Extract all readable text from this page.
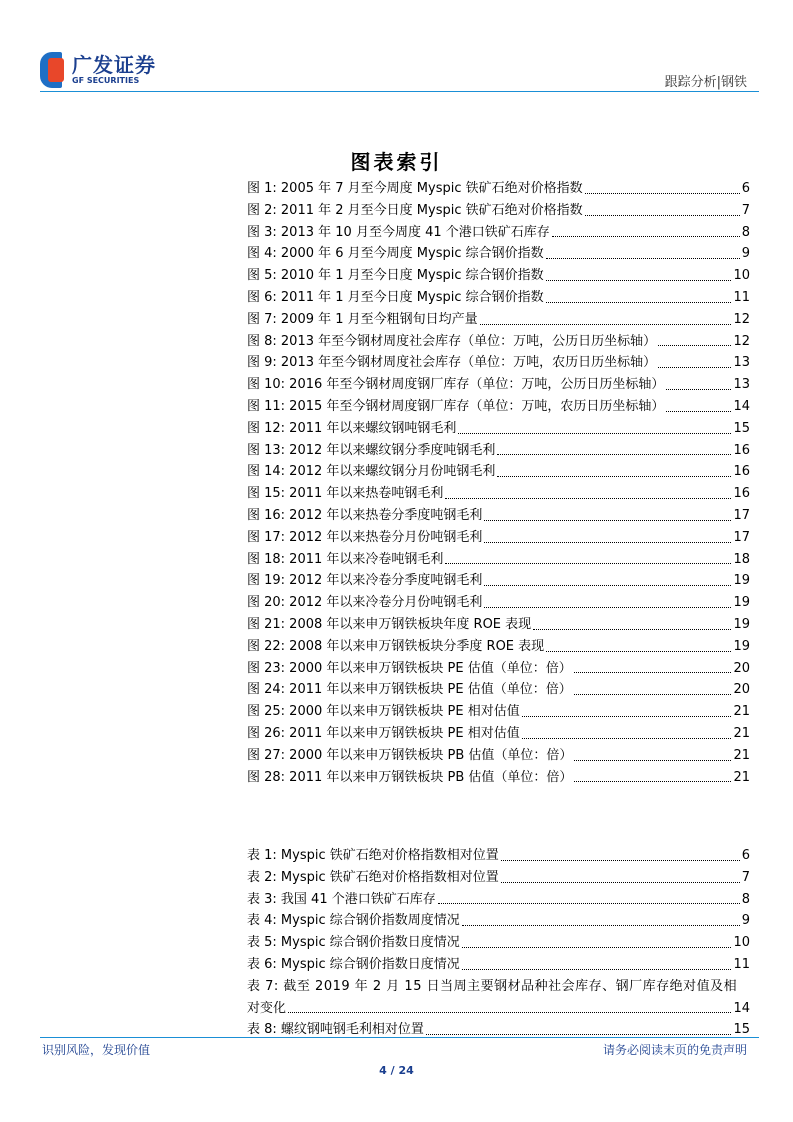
广发证券
GF SECURITIES	跟踪分析|钢铁
图表索引
图 1: 2005 年 7 月至今周度 Myspic 铁矿石绝对价格指数	6
图 2: 2011 年 2 月至今日度 Myspic 铁矿石绝对价格指数	7
图 3: 2013 年 10 月至今周度 41 个港口铁矿石库存	8
图 4: 2000 年 6 月至今周度 Myspic 综合钢价指数	9
图 5: 2010 年 1 月至今日度 Myspic 综合钢价指数	10
图 6: 2011 年 1 月至今日度 Myspic 综合钢价指数	11
图 7: 2009 年 1 月至今粗钢旬日均产量	12
图 8: 2013 年至今钢材周度社会库存（单位：万吨，公历日历坐标轴）	12
图 9: 2013 年至今钢材周度社会库存（单位：万吨，农历日历坐标轴）	13
图 10: 2016 年至今钢材周度钢厂库存（单位：万吨，公历日历坐标轴）	13
图 11: 2015 年至今钢材周度钢厂库存（单位：万吨，农历日历坐标轴）	14
图 12: 2011 年以来螺纹钢吨钢毛利	15
图 13: 2012 年以来螺纹钢分季度吨钢毛利	16
图 14: 2012 年以来螺纹钢分月份吨钢毛利	16
图 15: 2011 年以来热卷吨钢毛利	16
图 16: 2012 年以来热卷分季度吨钢毛利	17
图 17: 2012 年以来热卷分月份吨钢毛利	17
图 18: 2011 年以来冷卷吨钢毛利	18
图 19: 2012 年以来冷卷分季度吨钢毛利	19
图 20: 2012 年以来冷卷分月份吨钢毛利	19
图 21: 2008 年以来申万钢铁板块年度 ROE 表现	19
图 22: 2008 年以来申万钢铁板块分季度 ROE 表现	19
图 23: 2000 年以来申万钢铁板块 PE 估值（单位：倍）	20
图 24: 2011 年以来申万钢铁板块 PE 估值（单位：倍）	20
图 25: 2000 年以来申万钢铁板块 PE 相对估值	21
图 26: 2011 年以来申万钢铁板块 PE 相对估值	21
图 27: 2000 年以来申万钢铁板块 PB 估值（单位：倍）	21
图 28: 2011 年以来申万钢铁板块 PB 估值（单位：倍）	21
表 1: Myspic 铁矿石绝对价格指数相对位置	6
表 2: Myspic 铁矿石绝对价格指数相对位置	7
表 3: 我国 41 个港口铁矿石库存	8
表 4: Myspic 综合钢价指数周度情况	9
表 5: Myspic 综合钢价指数日度情况	10
表 6: Myspic 综合钢价指数日度情况	11
表 7: 截至 2019 年 2 月 15 日当周主要钢材品种社会库存、钢厂库存绝对值及相
对变化	14
表 8: 螺纹钢吨钢毛利相对位置	15
识别风险，发现价值	请务必阅读末页的免责声明
4 / 24
